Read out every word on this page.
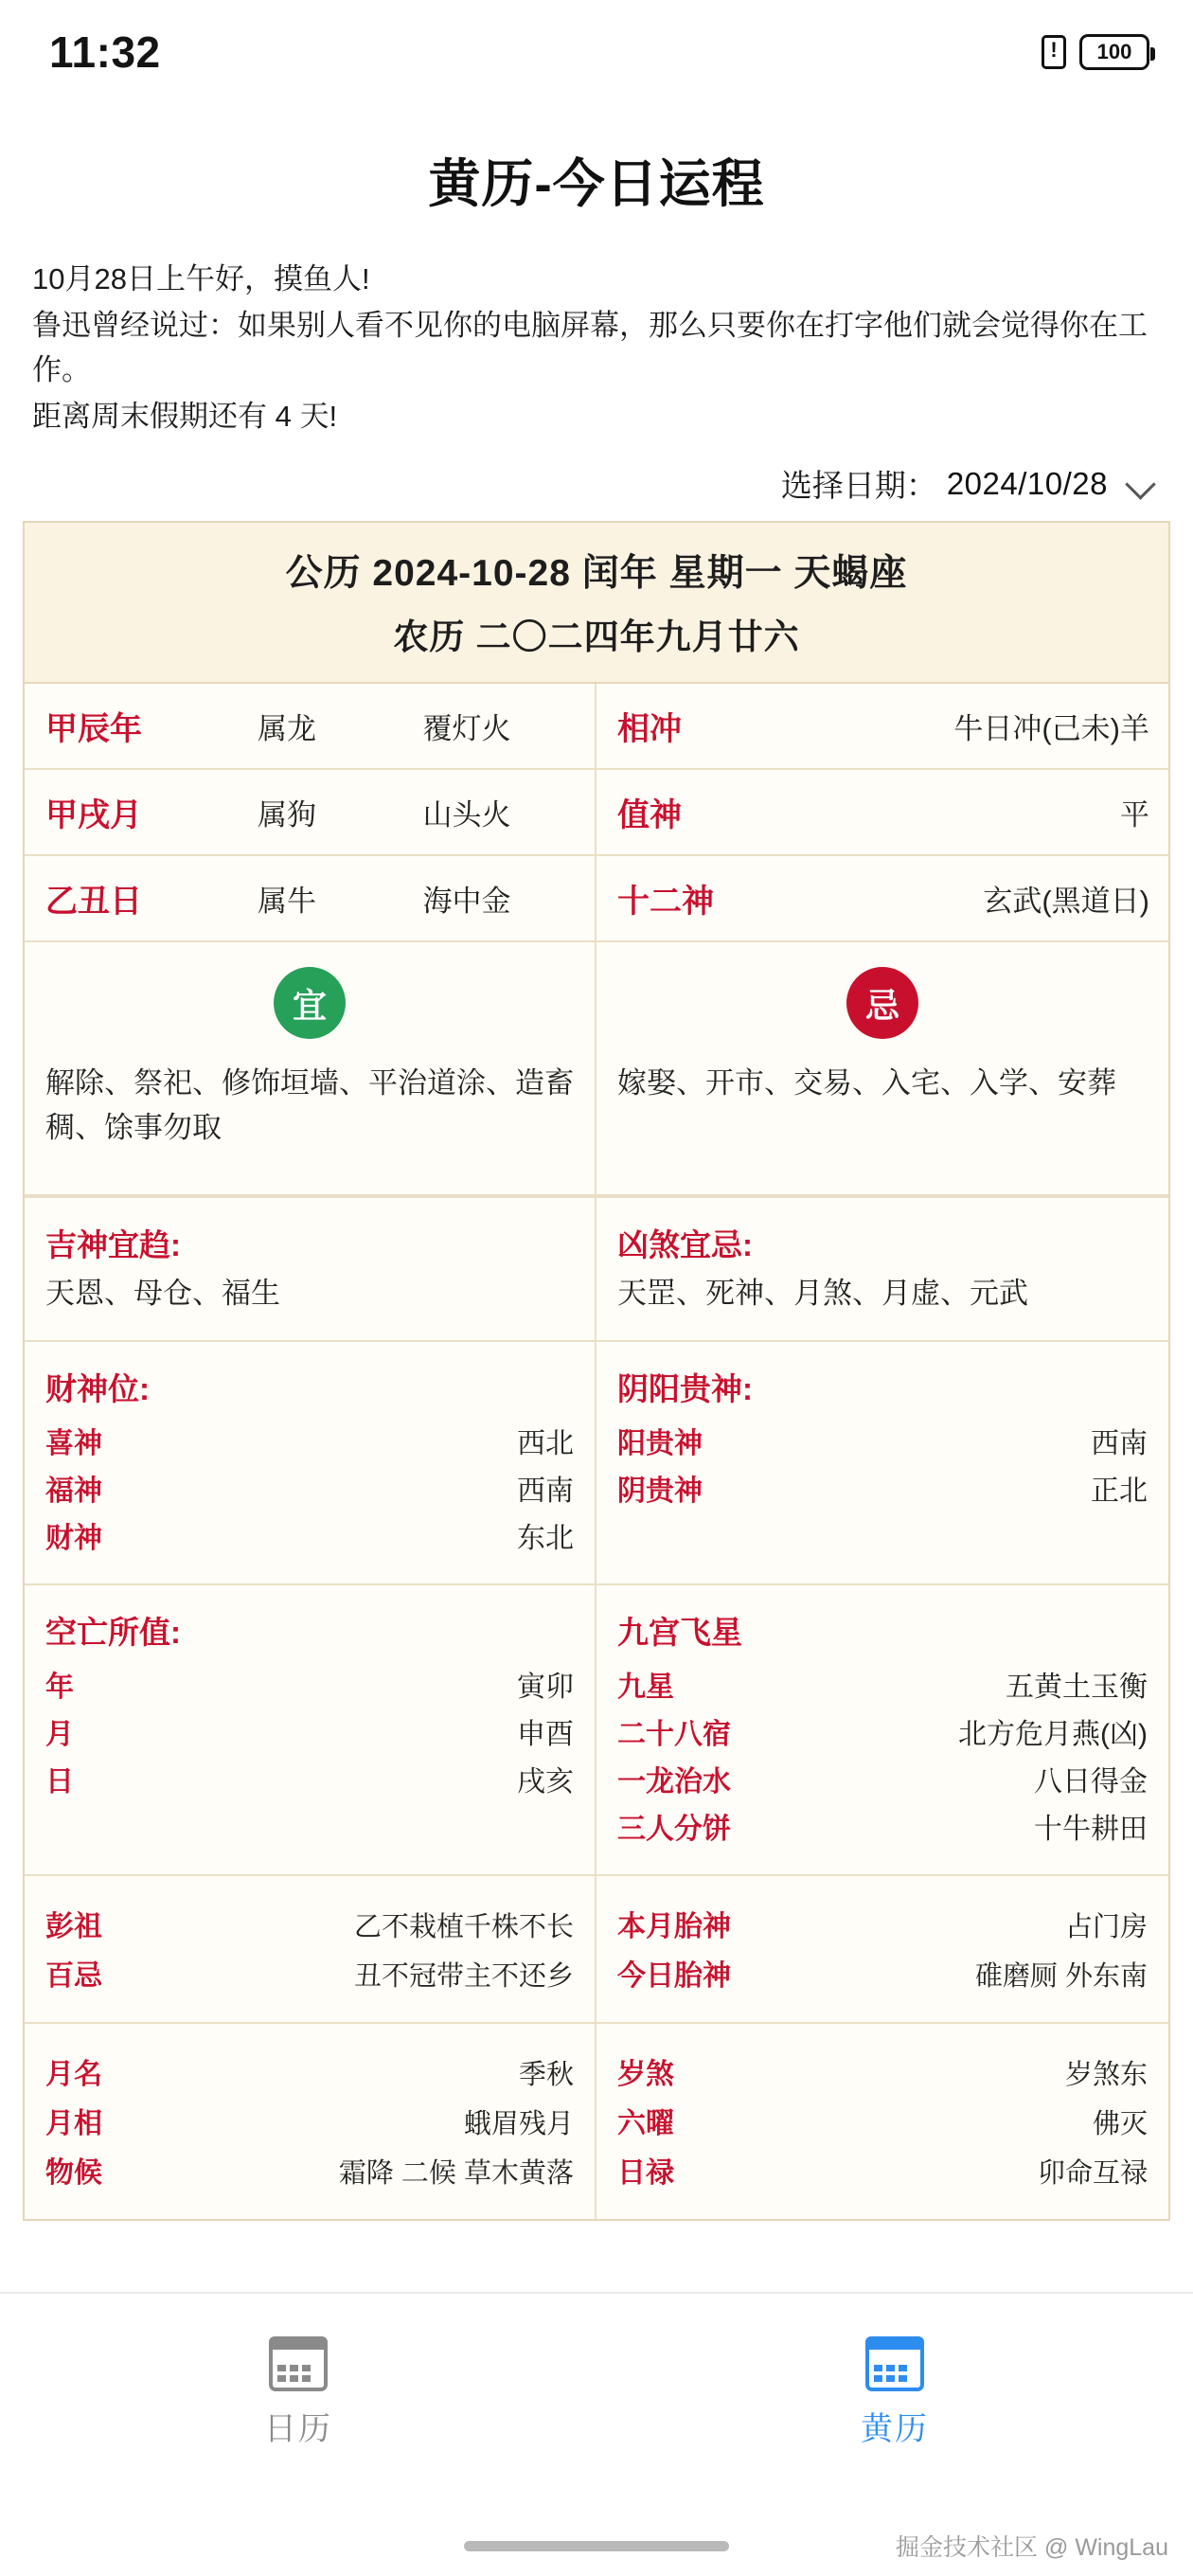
11:32 !	100
黄历-今日运程

10月28日上午好，摸鱼人!

鲁迅曾经说过：如果别人看不见你的电脑屏幕，那么只要你在打字他们就会觉得你在工作。

距离周末假期还有 4 天!

选择日期： 2024/10/28
公历 2024-10-28 闰年 星期一 天蝎座
农历 二〇二四年九月廿六
甲辰年	属龙	覆灯火
甲戌月	属狗	山头火
乙丑日	属牛	海中金
相冲	牛日冲(己未)羊
值神	平
十二神	玄武(黑道日)
宜
解除、祭祀、修饰垣墙、平治道涂、造畜稠、馀事勿取
忌
嫁娶、开市、交易、入宅、入学、安葬
吉神宜趋:
天恩、母仓、福生
凶煞宜忌:
天罡、死神、月煞、月虚、元武
财神位:
喜神	西北
福神	西南
财神	东北
阴阳贵神:
阳贵神	西南
阴贵神	正北

空亡所值:
年	寅卯
月	申酉
日	戌亥
九宫飞星
九星	五黄土玉衡
二十八宿	北方危月燕(凶)
一龙治水	八日得金
三人分饼	十牛耕田
彭祖	乙不栽植千株不长
百忌	丑不冠带主不还乡
本月胎神	占门房
今日胎神	碓磨厕 外东南
月名	季秋
月相	蛾眉残月
物候	霜降 二候 草木黄落
岁煞	岁煞东
六曜	佛灭
日禄	卯命互禄
日历	黄历
掘金技术社区 @ WingLau
